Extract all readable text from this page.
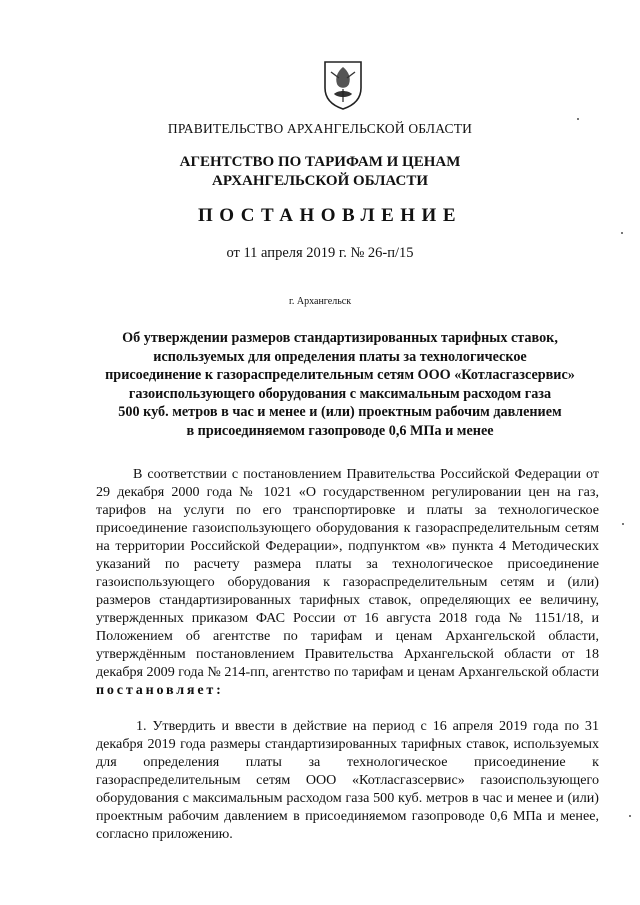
ПРАВИТЕЛЬСТВО АРХАНГЕЛЬСКОЙ ОБЛАСТИ
АГЕНТСТВО ПО ТАРИФАМ И ЦЕНАМ
АРХАНГЕЛЬСКОЙ ОБЛАСТИ
ПОСТАНОВЛЕНИЕ
от 11 апреля 2019 г. № 26-п/15
г. Архангельск
Об утверждении размеров стандартизированных тарифных ставок,
используемых для определения платы за технологическое
присоединение к газораспределительным сетям ООО «Котласгазсервис»
газоиспользующего оборудования с максимальным расходом газа
500 куб. метров в час и менее и (или) проектным рабочим давлением
в присоединяемом газопроводе 0,6 МПа и менее
В соответствии с постановлением Правительства Российской Федерации от 29 декабря 2000 года № 1021 «О государственном регулировании цен на газ, тарифов на услуги по его транспортировке и платы за технологическое присоединение газоиспользующего оборудования к газораспределительным сетям на территории Российской Федерации», подпунктом «в» пункта 4 Методических указаний по расчету размера платы за технологическое присоединение газоиспользующего оборудования к газораспределительным сетям и (или) размеров стандартизированных тарифных ставок, определяющих ее величину, утвержденных приказом ФАС России от 16 августа 2018 года № 1151/18, и Положением об агентстве по тарифам и ценам Архангельской области, утверждённым постановлением Правительства Архангельской области от 18 декабря 2009 года № 214-пп, агентство по тарифам и ценам Архангельской области постановляет:
1. Утвердить и ввести в действие на период с 16 апреля 2019 года по 31 декабря 2019 года размеры стандартизированных тарифных ставок, используемых для определения платы за технологическое присоединение к газораспределительным сетям ООО «Котласгазсервис» газоиспользующего оборудования с максимальным расходом газа 500 куб. метров в час и менее и (или) проектным рабочим давлением в присоединяемом газопроводе 0,6 МПа и менее, согласно приложению.
